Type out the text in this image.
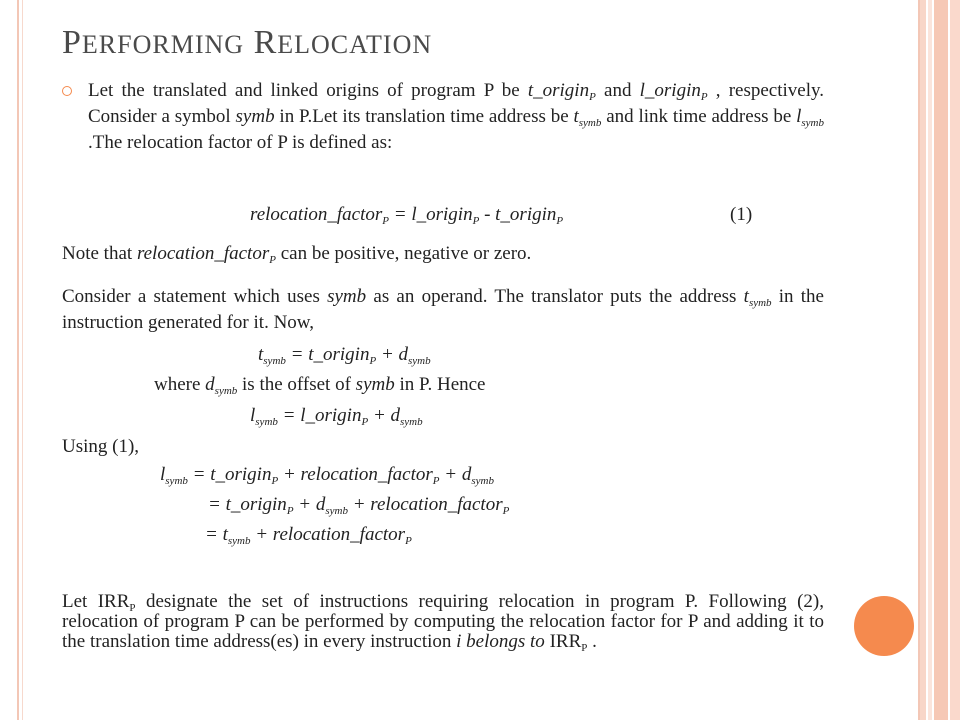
PERFORMING RELOCATION
Let the translated and linked origins of program P be t_origin$_P$ and l_origin$_P$ , respectively. Consider a symbol symb in P.Let its translation time address be $t_{symb}$ and link time address be $l_{symb}$ .The relocation factor of P is defined as:
relocation_factor$_P$ = l_origin$_P$ - t_origin$_P$	(1)
Note that relocation_factor$_P$ can be positive, negative or zero.
Consider a statement which uses symb as an operand. The translator puts the address $t_{symb}$ in the instruction generated for it. Now,
$t_{symb}$ = t_origin$_P$ + $d_{symb}$
where $d_{symb}$ is the offset of symb in P. Hence
$l_{symb}$ = l_origin$_P$ + $d_{symb}$
Using (1),
$l_{symb}$ = t_origin$_P$ + relocation_factor$_P$ + $d_{symb}$
= t_origin$_P$ + $d_{symb}$ + relocation_factor$_P$
= $t_{symb}$ + relocation_factor$_P$
Let $IRR_P$ designate the set of instructions requiring relocation in program P. Following (2), relocation of program P can be performed by computing the relocation factor for P and adding it to the translation time address(es) in every instruction i belongs to $IRR_P$ .
